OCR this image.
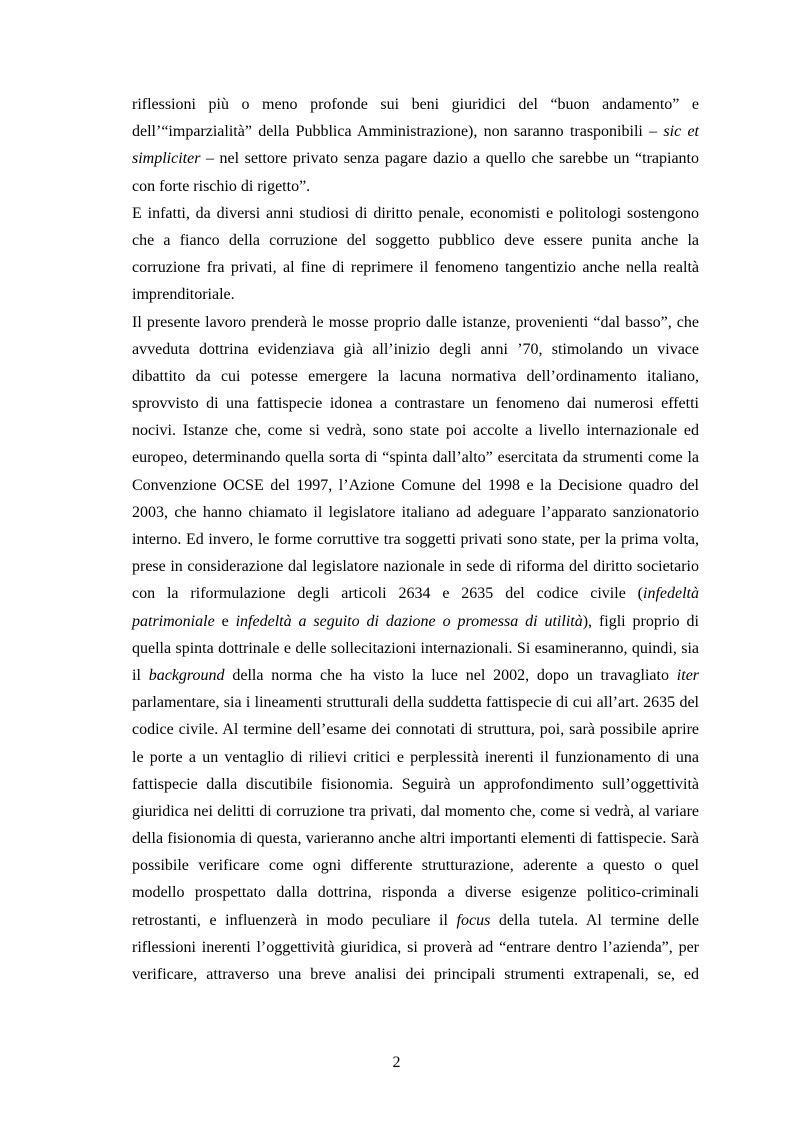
riflessioni più o meno profonde sui beni giuridici del “buon andamento” e
dell’“imparzialità” della Pubblica Amministrazione), non saranno trasponibili – sic et
simpliciter – nel settore privato senza pagare dazio a quello che sarebbe un “trapianto
con forte rischio di rigetto”.

E infatti, da diversi anni studiosi di diritto penale, economisti e politologi sostengono
che a fianco della corruzione del soggetto pubblico deve essere punita anche la
corruzione fra privati, al fine di reprimere il fenomeno tangentizio anche nella realtà
imprenditoriale.

Il presente lavoro prenderà le mosse proprio dalle istanze, provenienti “dal basso”, che
avveduta dottrina evidenziava già all’inizio degli anni ’70, stimolando un vivace
dibattito da cui potesse emergere la lacuna normativa dell’ordinamento italiano,
sprovvisto di una fattispecie idonea a contrastare un fenomeno dai numerosi effetti
nocivi. Istanze che, come si vedrà, sono state poi accolte a livello internazionale ed
europeo, determinando quella sorta di “spinta dall’alto” esercitata da strumenti come la
Convenzione OCSE del 1997, l’Azione Comune del 1998 e la Decisione quadro del
2003, che hanno chiamato il legislatore italiano ad adeguare l’apparato sanzionatorio
interno. Ed invero, le forme corruttive tra soggetti privati sono state, per la prima volta,
prese in considerazione dal legislatore nazionale in sede di riforma del diritto societario
con la riformulazione degli articoli 2634 e 2635 del codice civile (infedeltà
patrimoniale e infedeltà a seguito di dazione o promessa di utilità), figli proprio di
quella spinta dottrinale e delle sollecitazioni internazionali. Si esamineranno, quindi, sia
il background della norma che ha visto la luce nel 2002, dopo un travagliato iter
parlamentare, sia i lineamenti strutturali della suddetta fattispecie di cui all’art. 2635 del
codice civile. Al termine dell’esame dei connotati di struttura, poi, sarà possibile aprire
le porte a un ventaglio di rilievi critici e perplessità inerenti il funzionamento di una
fattispecie dalla discutibile fisionomia. Seguirà un approfondimento sull’oggettività
giuridica nei delitti di corruzione tra privati, dal momento che, come si vedrà, al variare
della fisionomia di questa, varieranno anche altri importanti elementi di fattispecie. Sarà
possibile verificare come ogni differente strutturazione, aderente a questo o quel
modello prospettato dalla dottrina, risponda a diverse esigenze politico-criminali
retrostanti, e influenzerà in modo peculiare il focus della tutela. Al termine delle
riflessioni inerenti l’oggettività giuridica, si proverà ad “entrare dentro l’azienda”, per
verificare, attraverso una breve analisi dei principali strumenti extrapenali, se, ed

2
